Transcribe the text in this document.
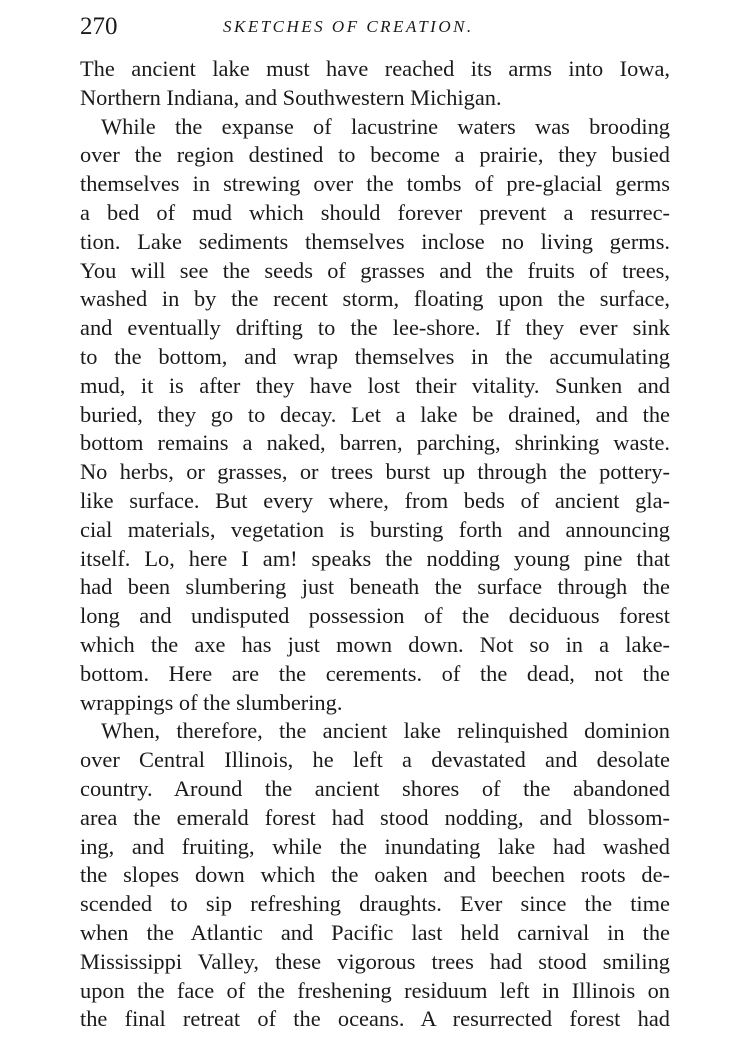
270	SKETCHES OF CREATION.
The ancient lake must have reached its arms into Iowa,
Northern Indiana, and Southwestern Michigan.
While the expanse of lacustrine waters was brooding
over the region destined to become a prairie, they busied
themselves in strewing over the tombs of pre-glacial germs
a bed of mud which should forever prevent a resurrec-
tion. Lake sediments themselves inclose no living germs.
You will see the seeds of grasses and the fruits of trees,
washed in by the recent storm, floating upon the surface,
and eventually drifting to the lee-shore. If they ever sink
to the bottom, and wrap themselves in the accumulating
mud, it is after they have lost their vitality. Sunken and
buried, they go to decay. Let a lake be drained, and the
bottom remains a naked, barren, parching, shrinking waste.
No herbs, or grasses, or trees burst up through the pottery-
like surface. But every where, from beds of ancient gla-
cial materials, vegetation is bursting forth and announcing
itself. Lo, here I am! speaks the nodding young pine that
had been slumbering just beneath the surface through the
long and undisputed possession of the deciduous forest
which the axe has just mown down. Not so in a lake-
bottom. Here are the cerements. of the dead, not the
wrappings of the slumbering.
When, therefore, the ancient lake relinquished dominion
over Central Illinois, he left a devastated and desolate
country. Around the ancient shores of the abandoned
area the emerald forest had stood nodding, and blossom-
ing, and fruiting, while the inundating lake had washed
the slopes down which the oaken and beechen roots de-
scended to sip refreshing draughts. Ever since the time
when the Atlantic and Pacific last held carnival in the
Mississippi Valley, these vigorous trees had stood smiling
upon the face of the freshening residuum left in Illinois on
the final retreat of the oceans. A resurrected forest had
